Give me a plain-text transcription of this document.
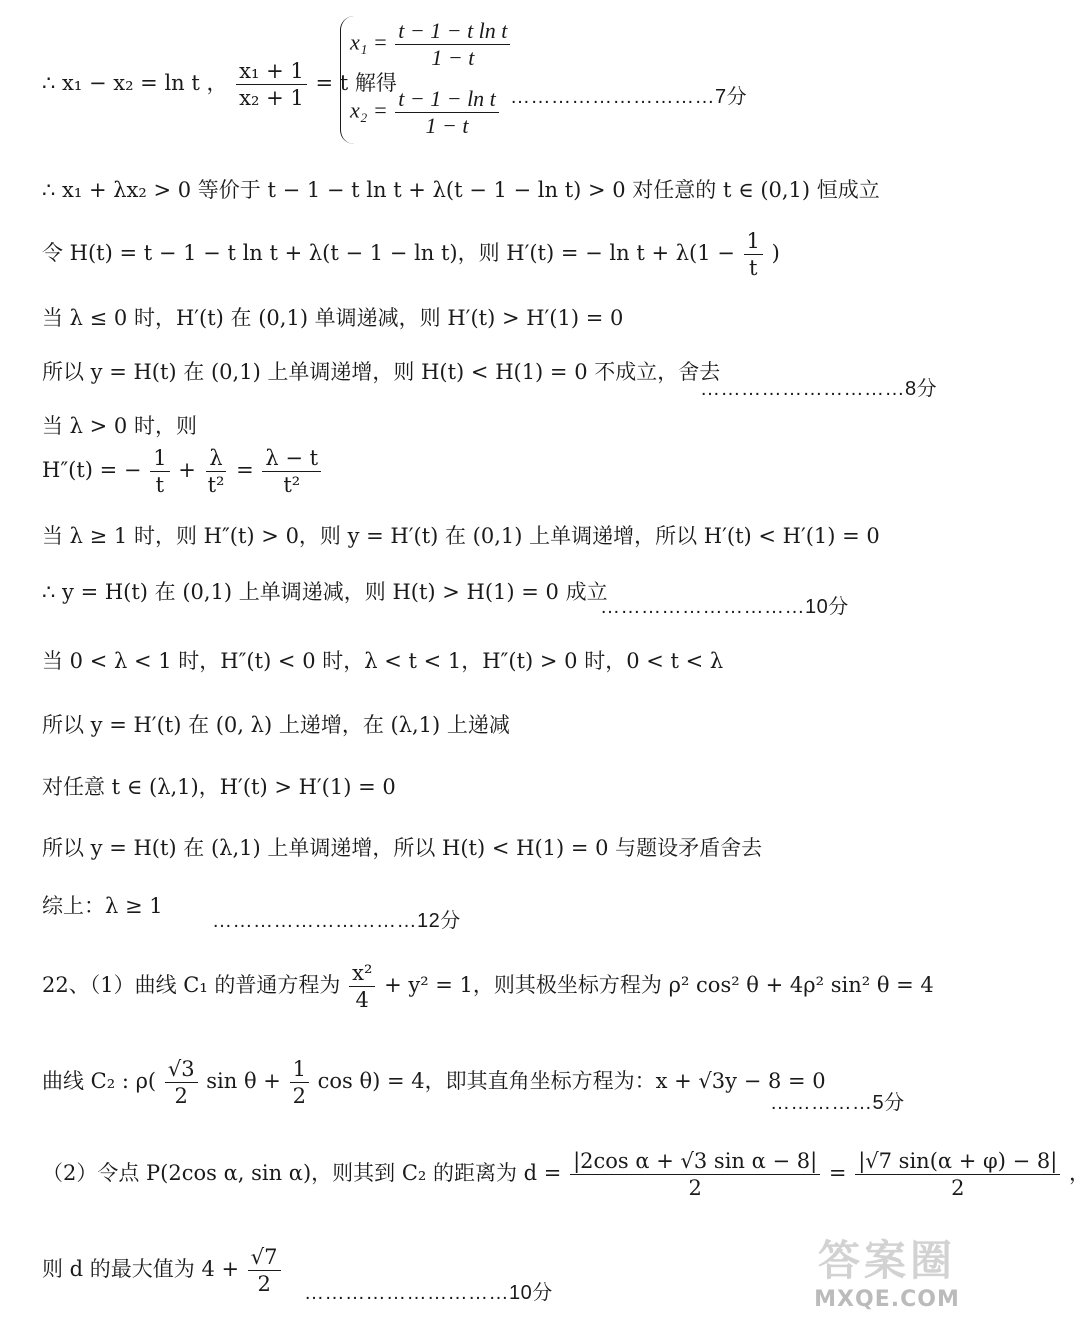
∴ x₁ − x₂ = ln t ， $\frac{\text{x₁ + 1}}{\text{x₂ + 1}} = t$ 解得
$x_1 = \frac{\text{t − 1 − t ln t}}{1 - t}$
$x_2 = \frac{\text{t − 1 − ln t}}{1 - t}$ …………………………7分
∴ x₁ + λx₂ > 0 等价于 t − 1 − t ln t + λ(t − 1 − ln t) > 0 对任意的 t ∈ (0,1) 恒成立
令 H(t) = t − 1 − t ln t + λ(t − 1 − ln t)，则 H′(t) = − $\ln t + \lambda(1 - \frac{1}{t}$ )
当 λ ≤ 0 时，H′(t) 在 (0,1) 单调递减，则 H′(t) > H′(1) = 0
所以 y = H(t) 在 (0,1) 上单调递增，则 H(t) < H(1) = 0 不成立，舍去
…………………………8分
当 λ > 0 时，则
H″(t) = − $\frac{1}{t} + \frac{\lambda}{\text{t²}} = \frac{\lambda - t}{\text{t²}}$
当 λ ≥ 1 时，则 H″(t) > 0，则 y = H′(t) 在 (0,1) 上单调递增，所以 H′(t) < H′(1) = 0
∴ y = H(t) 在 (0,1) 上单调递减，则 H(t) > H(1) = 0 成立
…………………………10分
当 0 < λ < 1 时，H″(t) < 0 时，λ < t < 1，H″(t) > 0 时，0 < t < λ
所以 y = H′(t) 在 (0, λ) 上递增，在 (λ,1) 上递减
对任意 t ∈ (λ,1)，H′(t) > H′(1) = 0
所以 y = H(t) 在 (λ,1) 上单调递增，所以 H(t) < H(1) = 0 与题设矛盾舍去
综上：λ ≥ 1
…………………………12分
22、（1）曲线 C₁ 的普通方程为 $\frac{\text{x²}}{4} + y^2 = 1$，则其极坐标方程为 ρ² cos² θ + 4ρ² sin² θ = 4
曲线 C₂ : $\rho( \frac{√3}{2}$ $\sin \theta + \frac{1}{2}$ cos θ) = 4，即其直角坐标方程为：x + √3y − 8 = 0
……………5分
（2）令点 P(2cos α, sin α)，则其到 C₂ 的距离为 $d = \frac{\text{|2cos α + √3 sin α − 8|}}{2} = \frac{|√7 \sin(\alpha + \varphi) - 8|}{2}$ ，
则 d 的最大值为 $4 + \frac{√7}{2}$ …………………………10分
答案圈
MXQE.COM
